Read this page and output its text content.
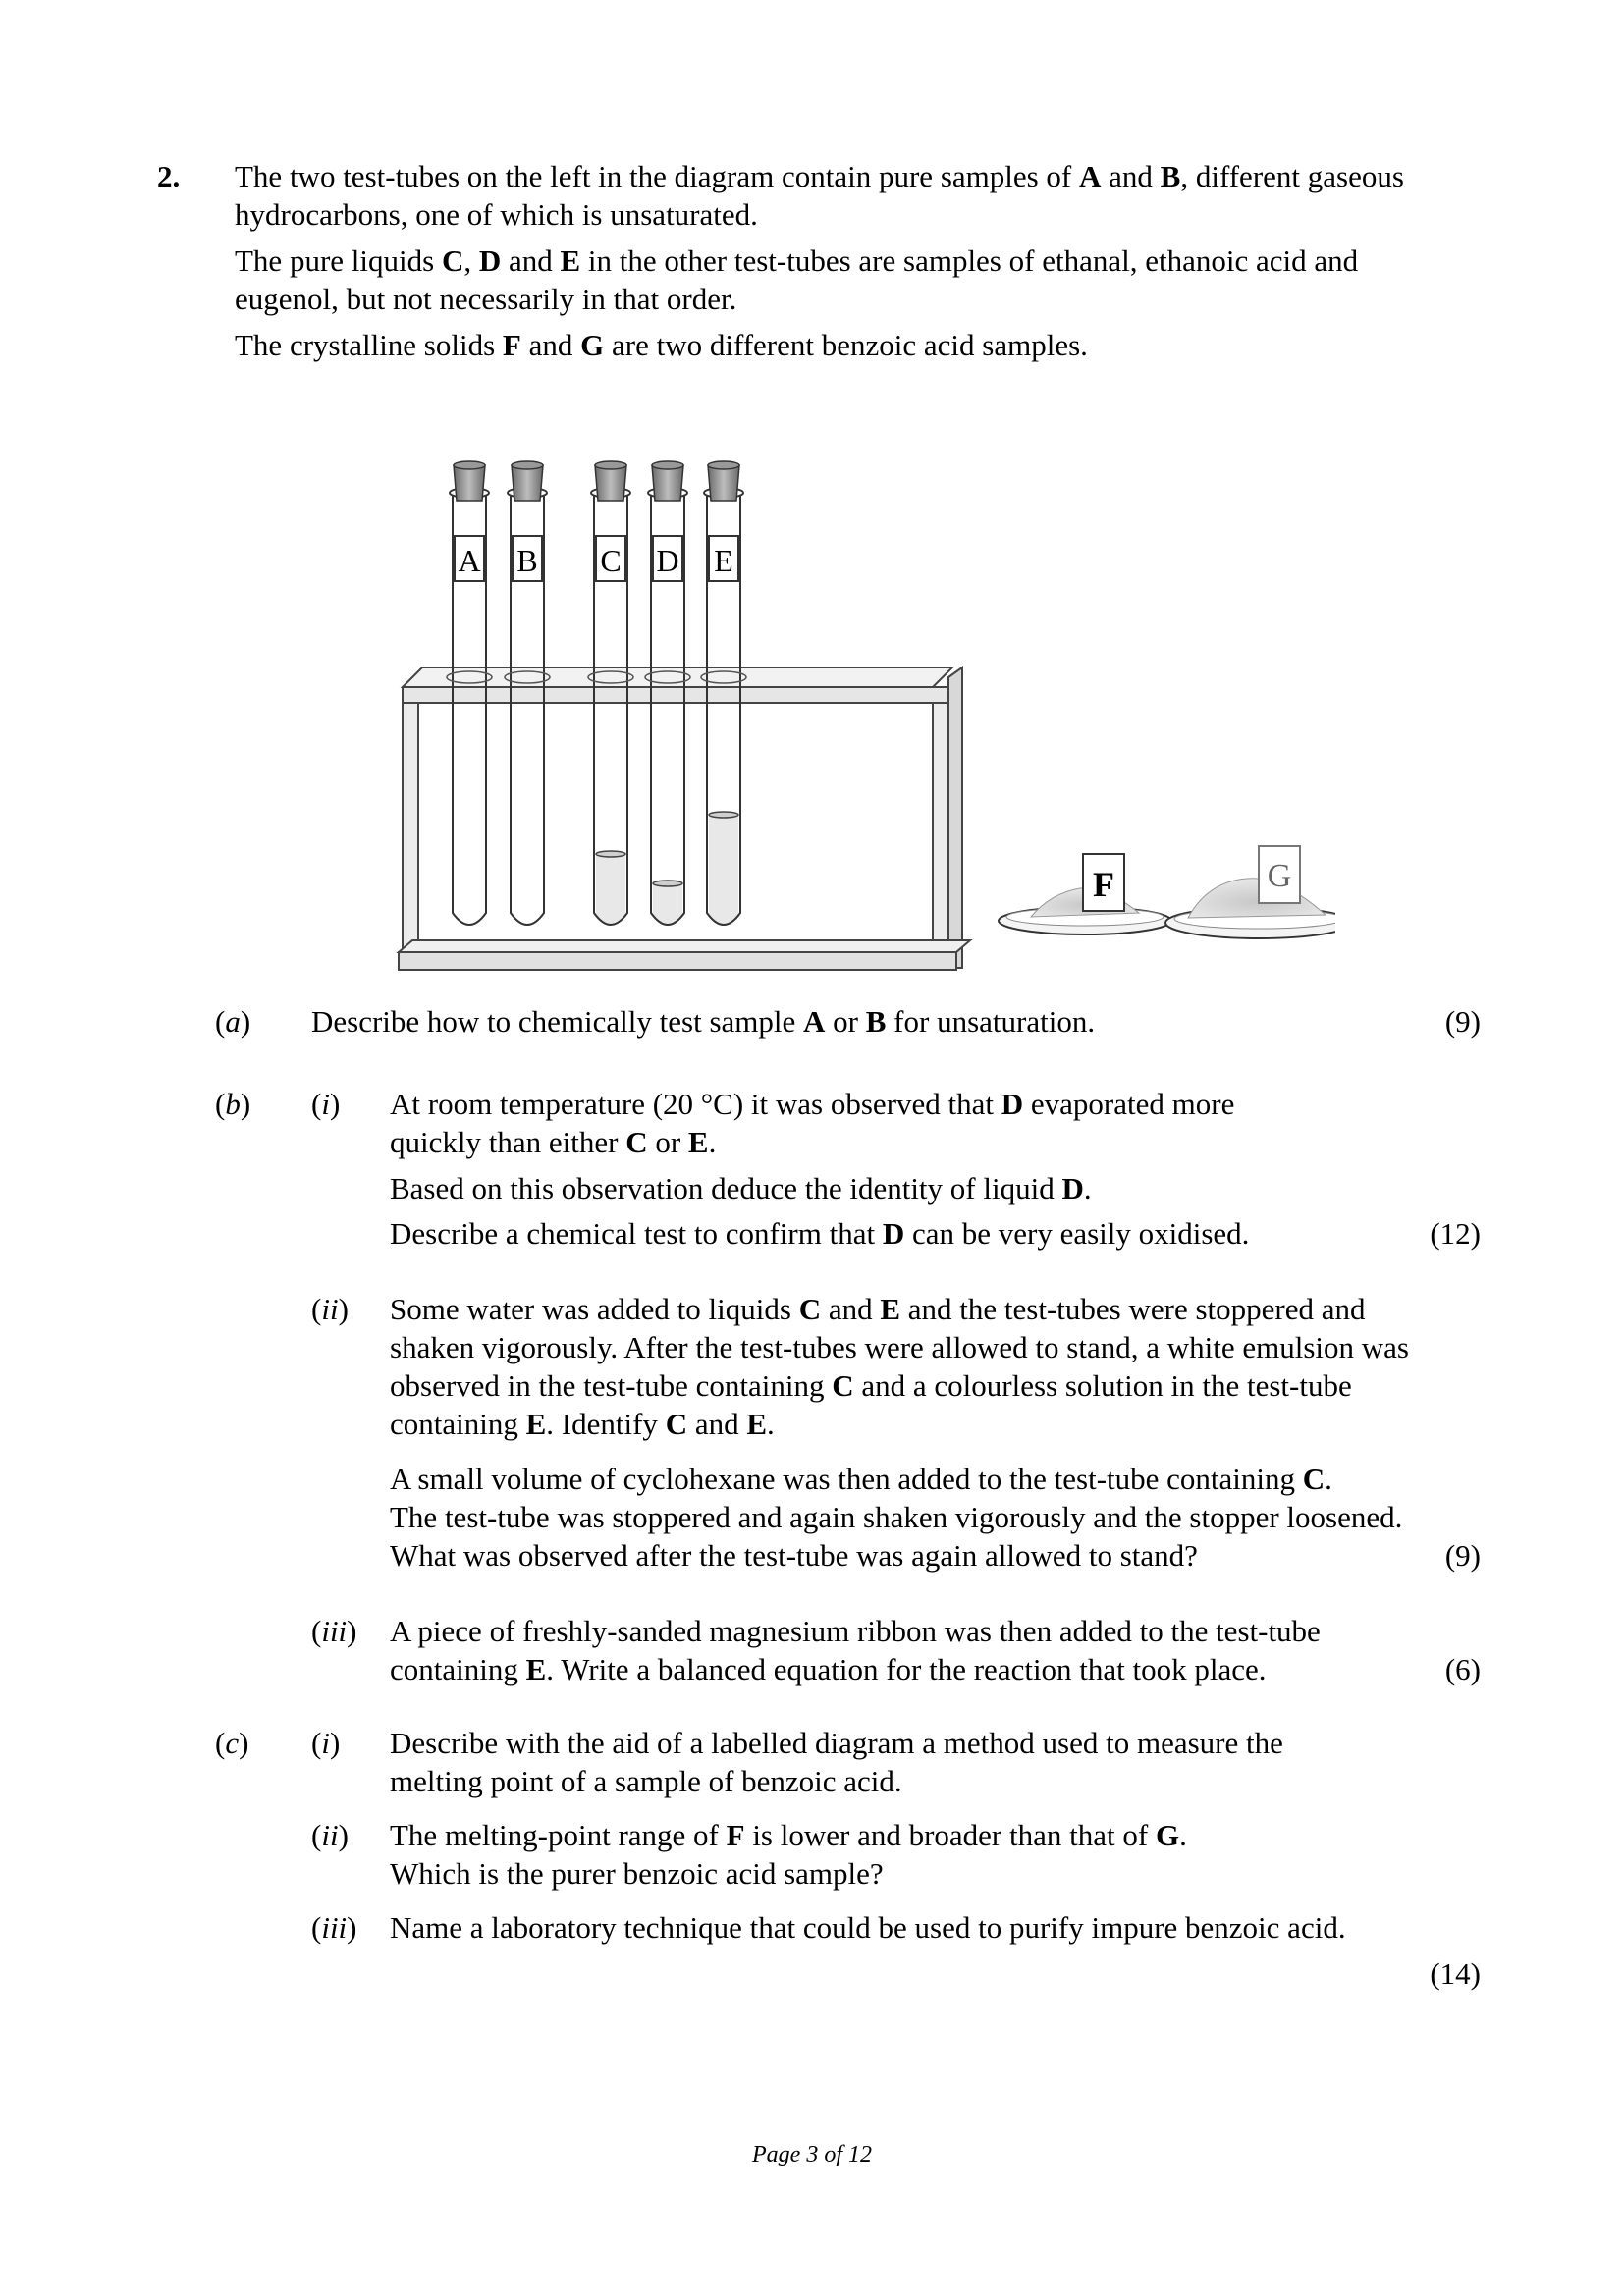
2. The two test-tubes on the left in the diagram contain pure samples of A and B, different gaseous
hydrocarbons, one of which is unsaturated.
The pure liquids C, D and E in the other test-tubes are samples of ethanal, ethanoic acid and
eugenol, but not necessarily in that order.
The crystalline solids F and G are two different benzoic acid samples.
A B C D E
F	G
(a) Describe how to chemically test sample A or B for unsaturation.	(9)
(b) (i) At room temperature (20 °C) it was observed that D evaporated more
quickly than either C or E.
Based on this observation deduce the identity of liquid D.
Describe a chemical test to confirm that D can be very easily oxidised.	(12)
(ii) Some water was added to liquids C and E and the test-tubes were stoppered and
shaken vigorously. After the test-tubes were allowed to stand, a white emulsion was
observed in the test-tube containing C and a colourless solution in the test-tube
containing E. Identify C and E.
A small volume of cyclohexane was then added to the test-tube containing C.
The test-tube was stoppered and again shaken vigorously and the stopper loosened.
What was observed after the test-tube was again allowed to stand?	(9)
(iii) A piece of freshly-sanded magnesium ribbon was then added to the test-tube
containing E. Write a balanced equation for the reaction that took place.	(6)
(c) (i) Describe with the aid of a labelled diagram a method used to measure the
melting point of a sample of benzoic acid.
(ii) The melting-point range of F is lower and broader than that of G.
Which is the purer benzoic acid sample?
(iii) Name a laboratory technique that could be used to purify impure benzoic acid.
(14)
Page 3 of 12
